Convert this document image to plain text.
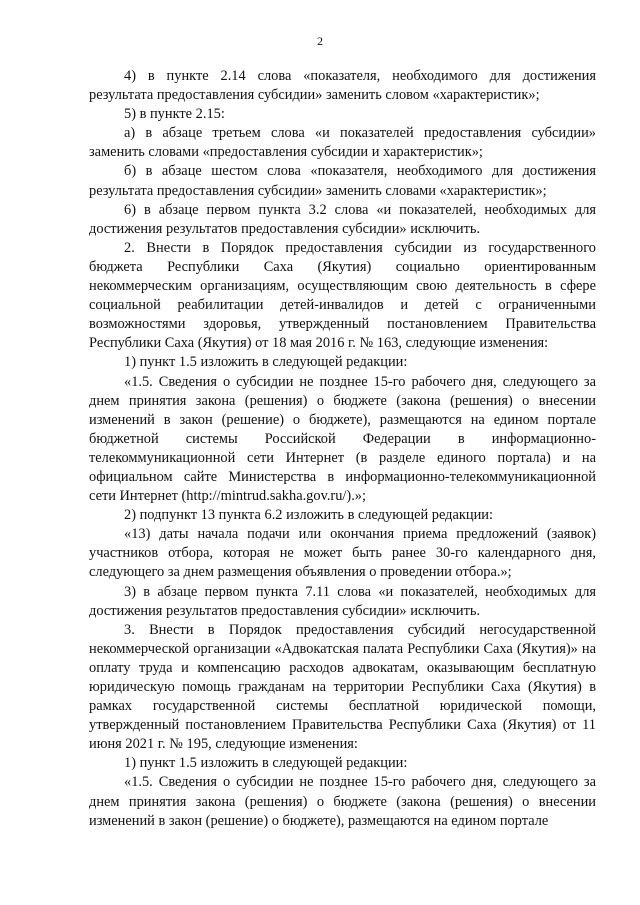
2

4) в пункте 2.14 слова «показателя, необходимого для достижения результата предоставления субсидии» заменить словом «характеристик»;

5) в пункте 2.15:

а) в абзаце третьем слова «и показателей предоставления субсидии» заменить словами «предоставления субсидии и характеристик»;

б) в абзаце шестом слова «показателя, необходимого для достижения результата предоставления субсидии» заменить словами «характеристик»;

6) в абзаце первом пункта 3.2 слова «и показателей, необходимых для достижения результатов предоставления субсидии» исключить.

2. Внести в Порядок предоставления субсидии из государственного бюджета Республики Саха (Якутия) социально ориентированным некоммерческим организациям, осуществляющим свою деятельность в сфере социальной реабилитации детей-инвалидов и детей с ограниченными возможностями здоровья, утвержденный постановлением Правительства Республики Саха (Якутия) от 18 мая 2016 г. № 163, следующие изменения:

1) пункт 1.5 изложить в следующей редакции:

«1.5. Сведения о субсидии не позднее 15-го рабочего дня, следующего за днем принятия закона (решения) о бюджете (закона (решения) о внесении изменений в закон (решение) о бюджете), размещаются на едином портале бюджетной системы Российской Федерации в информационно-телекоммуникационной сети Интернет (в разделе единого портала) и на официальном сайте Министерства в информационно-телекоммуникационной сети Интернет (http://mintrud.sakha.gov.ru/).»;

2) подпункт 13 пункта 6.2 изложить в следующей редакции:

«13) даты начала подачи или окончания приема предложений (заявок) участников отбора, которая не может быть ранее 30-го календарного дня, следующего за днем размещения объявления о проведении отбора.»;

3) в абзаце первом пункта 7.11 слова «и показателей, необходимых для достижения результатов предоставления субсидии» исключить.

3. Внести в Порядок предоставления субсидий негосударственной некоммерческой организации «Адвокатская палата Республики Саха (Якутия)» на оплату труда и компенсацию расходов адвокатам, оказывающим бесплатную юридическую помощь гражданам на территории Республики Саха (Якутия) в рамках государственной системы бесплатной юридической помощи, утвержденный постановлением Правительства Республики Саха (Якутия) от 11 июня 2021 г. № 195, следующие изменения:

1) пункт 1.5 изложить в следующей редакции:

«1.5. Сведения о субсидии не позднее 15-го рабочего дня, следующего за днем принятия закона (решения) о бюджете (закона (решения) о внесении изменений в закон (решение) о бюджете), размещаются на едином портале
